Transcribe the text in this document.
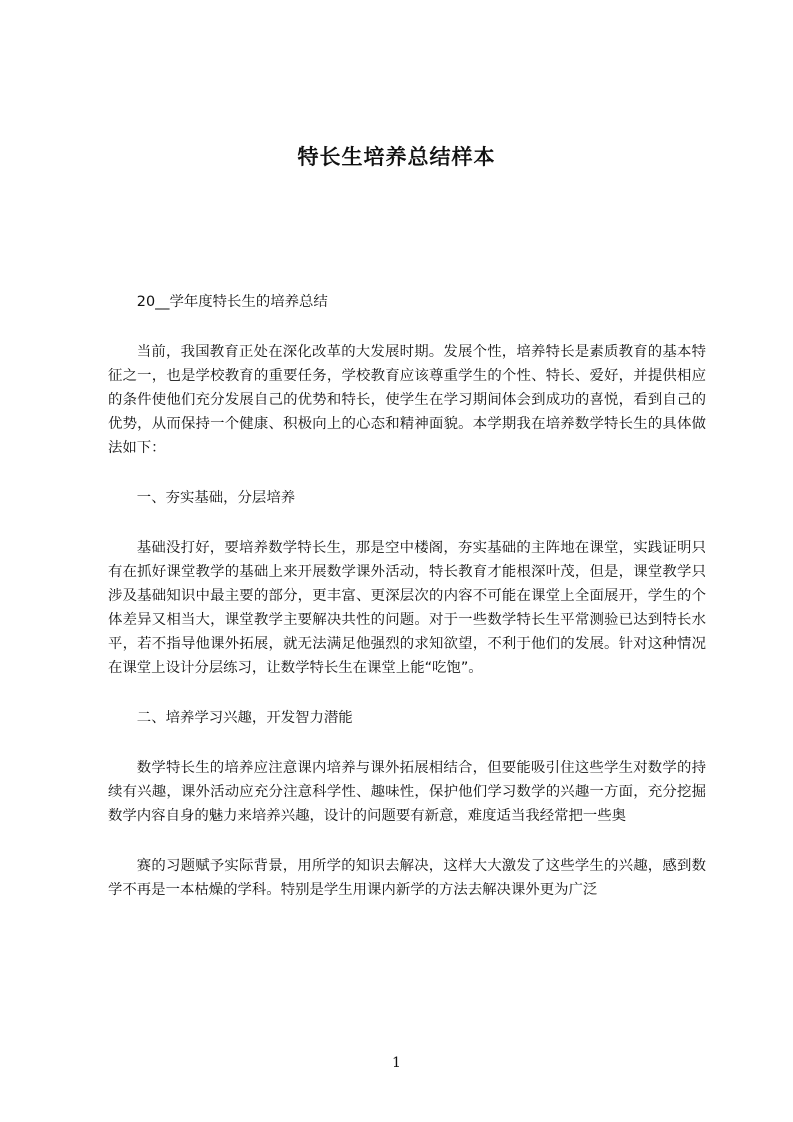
特长生培养总结样本

20__学年度特长生的培养总结

当前，我国教育正处在深化改革的大发展时期。发展个性，培养特长是素质教育的基本特征之一，也是学校教育的重要任务，学校教育应该尊重学生的个性、特长、爱好，并提供相应的条件使他们充分发展自己的优势和特长，使学生在学习期间体会到成功的喜悦，看到自己的优势，从而保持一个健康、积极向上的心态和精神面貌。本学期我在培养数学特长生的具体做法如下：

一、夯实基础，分层培养

基础没打好，要培养数学特长生，那是空中楼阁，夯实基础的主阵地在课堂，实践证明只有在抓好课堂教学的基础上来开展数学课外活动，特长教育才能根深叶茂，但是，课堂教学只涉及基础知识中最主要的部分，更丰富、更深层次的内容不可能在课堂上全面展开，学生的个体差异又相当大，课堂教学主要解决共性的问题。对于一些数学特长生平常测验已达到特长水平，若不指导他课外拓展，就无法满足他强烈的求知欲望，不利于他们的发展。针对这种情况在课堂上设计分层练习，让数学特长生在课堂上能“吃饱”。

二、培养学习兴趣，开发智力潜能

数学特长生的培养应注意课内培养与课外拓展相结合，但要能吸引住这些学生对数学的持续有兴趣，课外活动应充分注意科学性、趣味性，保护他们学习数学的兴趣一方面，充分挖掘数学内容自身的魅力来培养兴趣，设计的问题要有新意，难度适当我经常把一些奥

赛的习题赋予实际背景，用所学的知识去解决，这样大大激发了这些学生的兴趣，感到数学不再是一本枯燥的学科。特别是学生用课内新学的方法去解决课外更为广泛

1
